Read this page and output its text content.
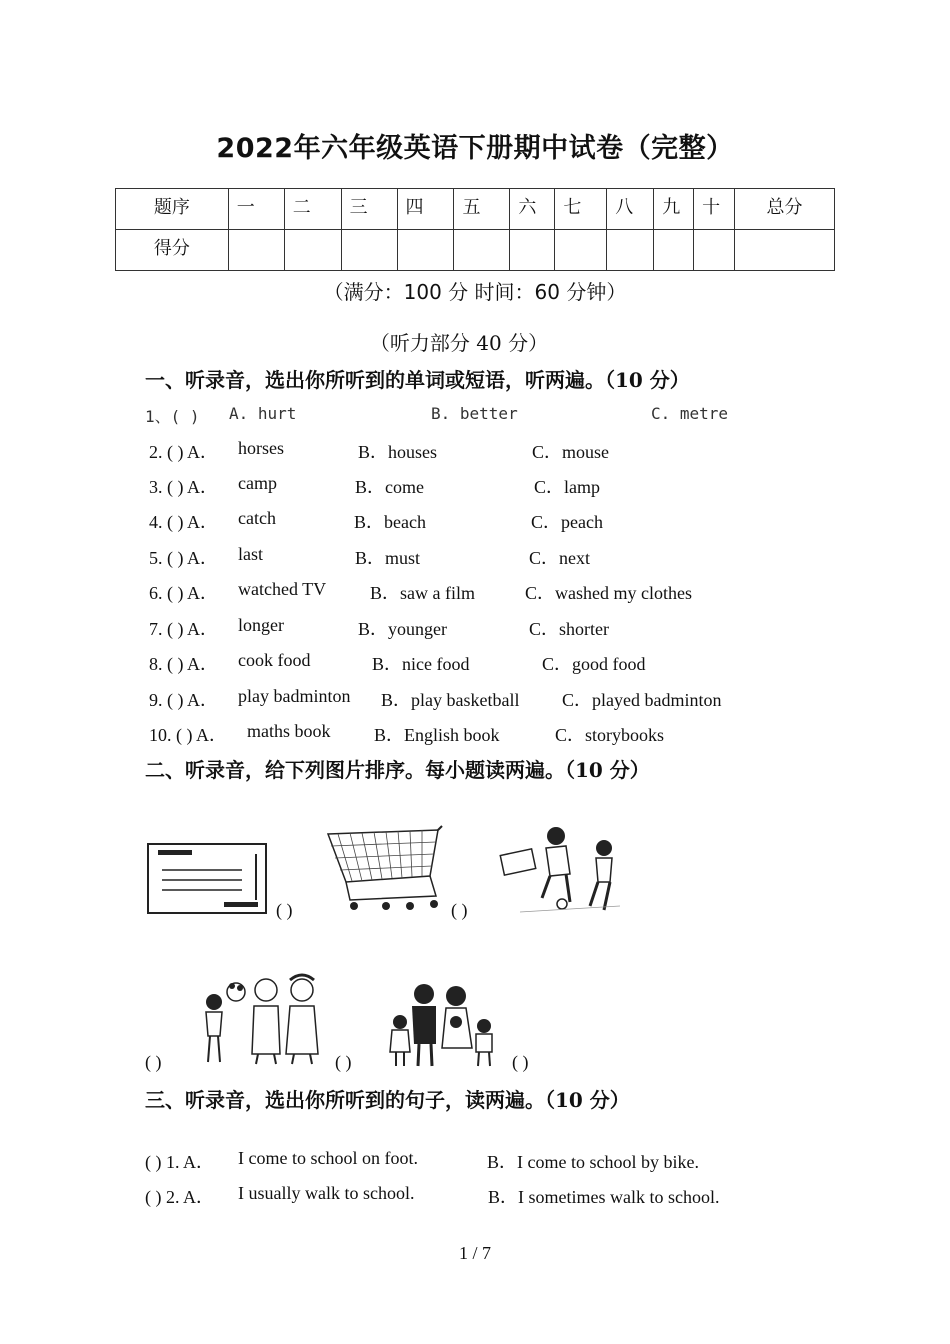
2022年六年级英语下册期中试卷（完整）
题序	一	二	三	四	五	六	七	八	九	十	总分
得分											
（满分：100 分 时间：60 分钟）
（听力部分 40 分）
一、听录音，选出你所听到的单词或短语，听两遍。（10 分）
1、( ) A. hurt	B. better	C. metre
2. ( ) A． horses	B．houses	C．mouse
3. ( ) A． camp	B．come	C．lamp
4. ( ) A． catch	B．beach	C．peach
5. ( ) A． last	B．must	C．next
6. ( ) A． watched TV B．saw a film	C．washed my clothes
7. ( ) A． longer	B．younger	C．shorter
8. ( ) A． cook food	B．nice food	C．good food
9. ( ) A． play badminton B．play basketball C．played badminton
10. ( ) A． maths book B．English book	C．storybooks
二、听录音，给下列图片排序。每小题读两遍。（10 分）
( )	( )
( )	( )	( )
三、听录音，选出你所听到的句子，读两遍。（10 分）
( ) 1. A． I come to school on foot.	B．I come to school by bike.
( ) 2. A． I usually walk to school.	B．I sometimes walk to school.
1 / 7
